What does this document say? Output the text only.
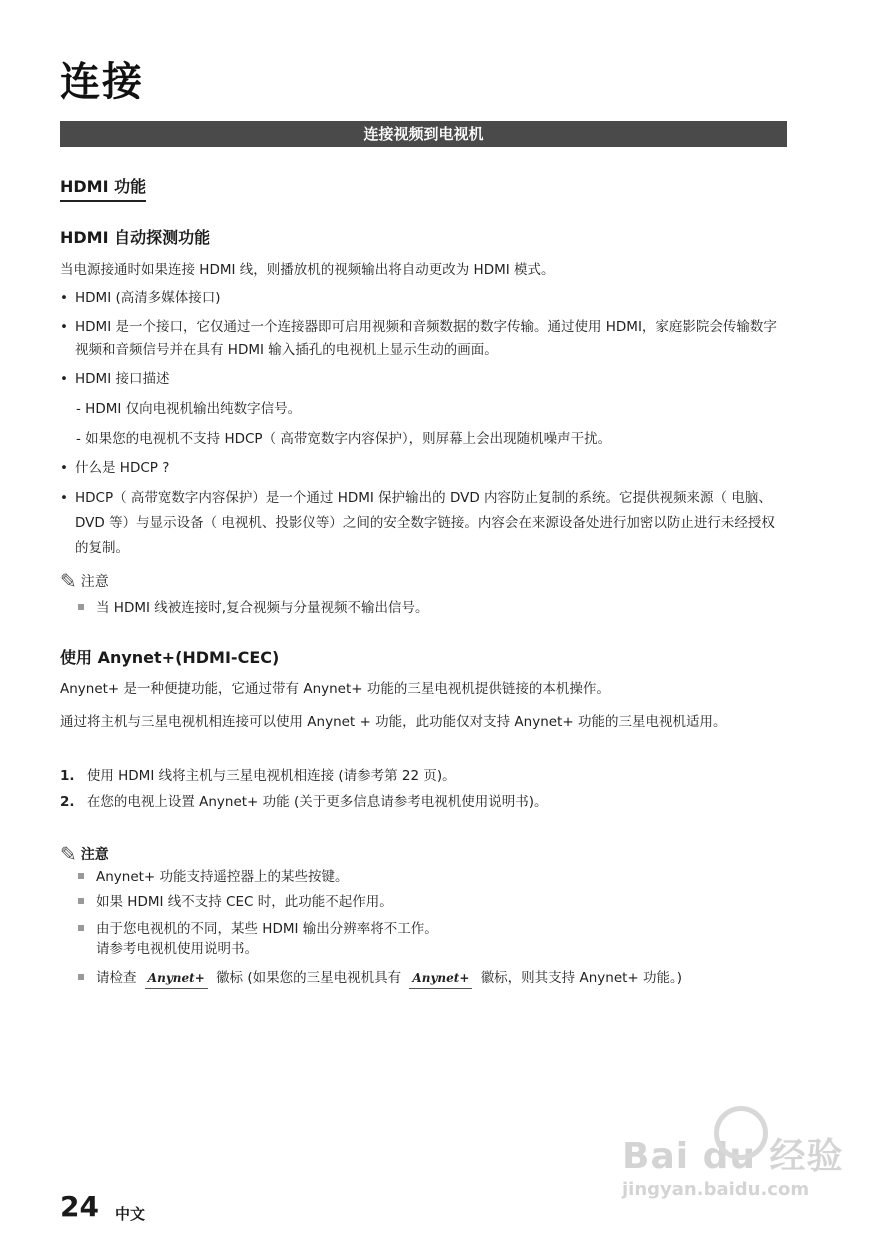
连接
连接视频到电视机
HDMI 功能
HDMI 自动探测功能
当电源接通时如果连接 HDMI 线，则播放机的视频输出将自动更改为 HDMI 模式。
• HDMI (高清多媒体接口)
• HDMI 是一个接口，它仅通过一个连接器即可启用视频和音频数据的数字传输。通过使用 HDMI，家庭影院会传输数字视频和音频信号并在具有 HDMI 输入插孔的电视机上显示生动的画面。
• HDMI 接口描述
- HDMI 仅向电视机输出纯数字信号。
- 如果您的电视机不支持 HDCP（ 高带宽数字内容保护），则屏幕上会出现随机噪声干扰。
• 什么是 HDCP ?
• HDCP（ 高带宽数字内容保护）是一个通过 HDMI 保护输出的 DVD 内容防止复制的系统。它提供视频来源（ 电脑、DVD 等）与显示设备（ 电视机、投影仪等）之间的安全数字链接。内容会在来源设备处进行加密以防止进行未经授权的复制。
✎ 注意
当 HDMI 线被连接时,复合视频与分量视频不输出信号。
使用 Anynet+(HDMI-CEC)
Anynet+ 是一种便捷功能，它通过带有 Anynet+ 功能的三星电视机提供链接的本机操作。
通过将主机与三星电视机相连接可以使用 Anynet + 功能，此功能仅对支持 Anynet+ 功能的三星电视机适用。
1. 使用 HDMI 线将主机与三星电视机相连接 (请参考第 22 页)。
2. 在您的电视上设置 Anynet+ 功能 (关于更多信息请参考电视机使用说明书)。
✎ 注意
Anynet+ 功能支持遥控器上的某些按键。
如果 HDMI 线不支持 CEC 时，此功能不起作用。
由于您电视机的不同，某些 HDMI 输出分辨率将不工作。
请参考电视机使用说明书。
请检查 Anynet+ 徽标 (如果您的三星电视机具有 Anynet+ 徽标，则其支持 Anynet+ 功能。)
Bai du 经验
jingyan.baidu.com
24 中文
